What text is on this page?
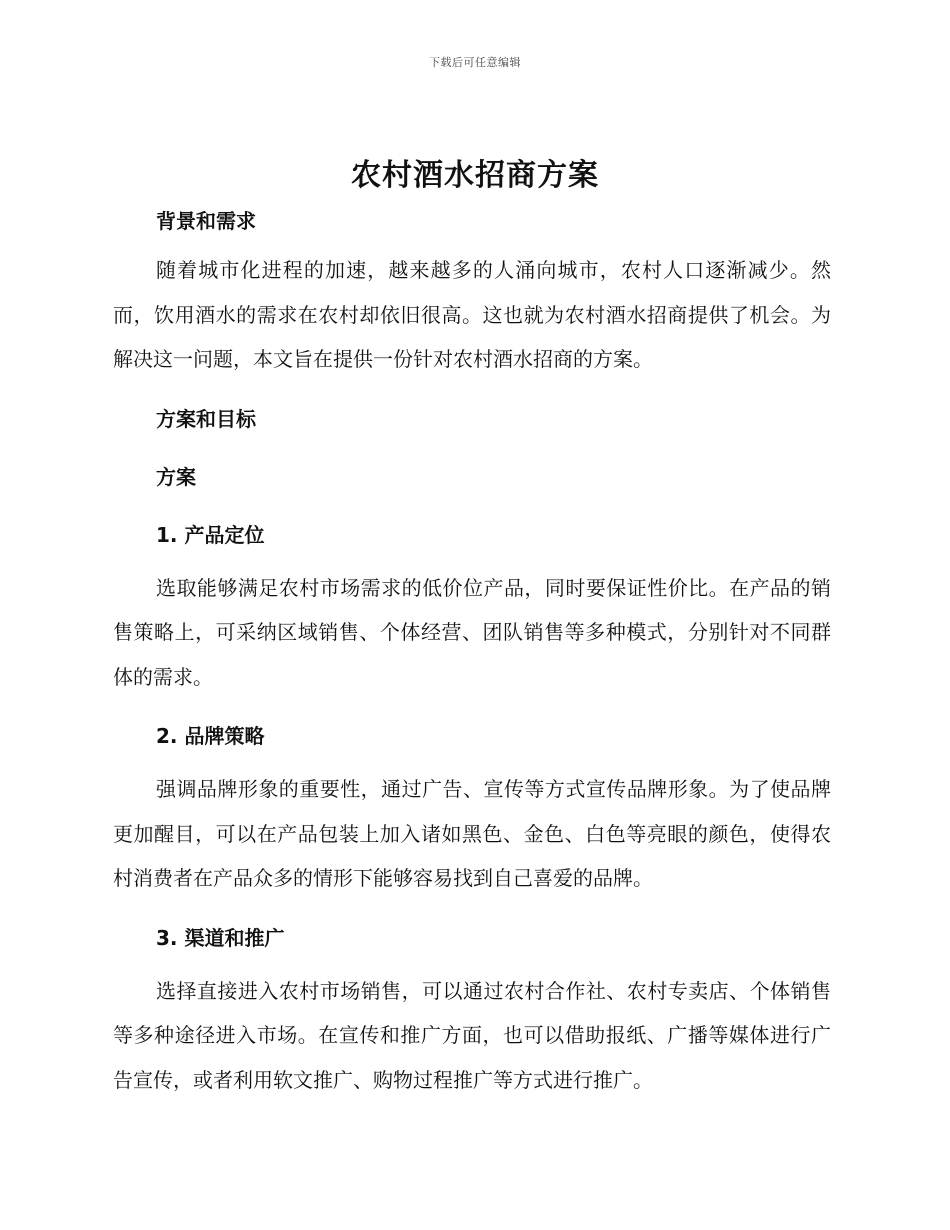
下载后可任意编辑
农村酒水招商方案
背景和需求

随着城市化进程的加速，越来越多的人涌向城市，农村人口逐渐减少。然而，饮用酒水的需求在农村却依旧很高。这也就为农村酒水招商提供了机会。为解决这一问题，本文旨在提供一份针对农村酒水招商的方案。

方案和目标
方案
1. 产品定位

选取能够满足农村市场需求的低价位产品，同时要保证性价比。在产品的销售策略上，可采纳区域销售、个体经营、团队销售等多种模式，分别针对不同群体的需求。

2. 品牌策略

强调品牌形象的重要性，通过广告、宣传等方式宣传品牌形象。为了使品牌更加醒目，可以在产品包装上加入诸如黑色、金色、白色等亮眼的颜色，使得农村消费者在产品众多的情形下能够容易找到自己喜爱的品牌。

3. 渠道和推广

选择直接进入农村市场销售，可以通过农村合作社、农村专卖店、个体销售等多种途径进入市场。在宣传和推广方面，也可以借助报纸、广播等媒体进行广告宣传，或者利用软文推广、购物过程推广等方式进行推广。
